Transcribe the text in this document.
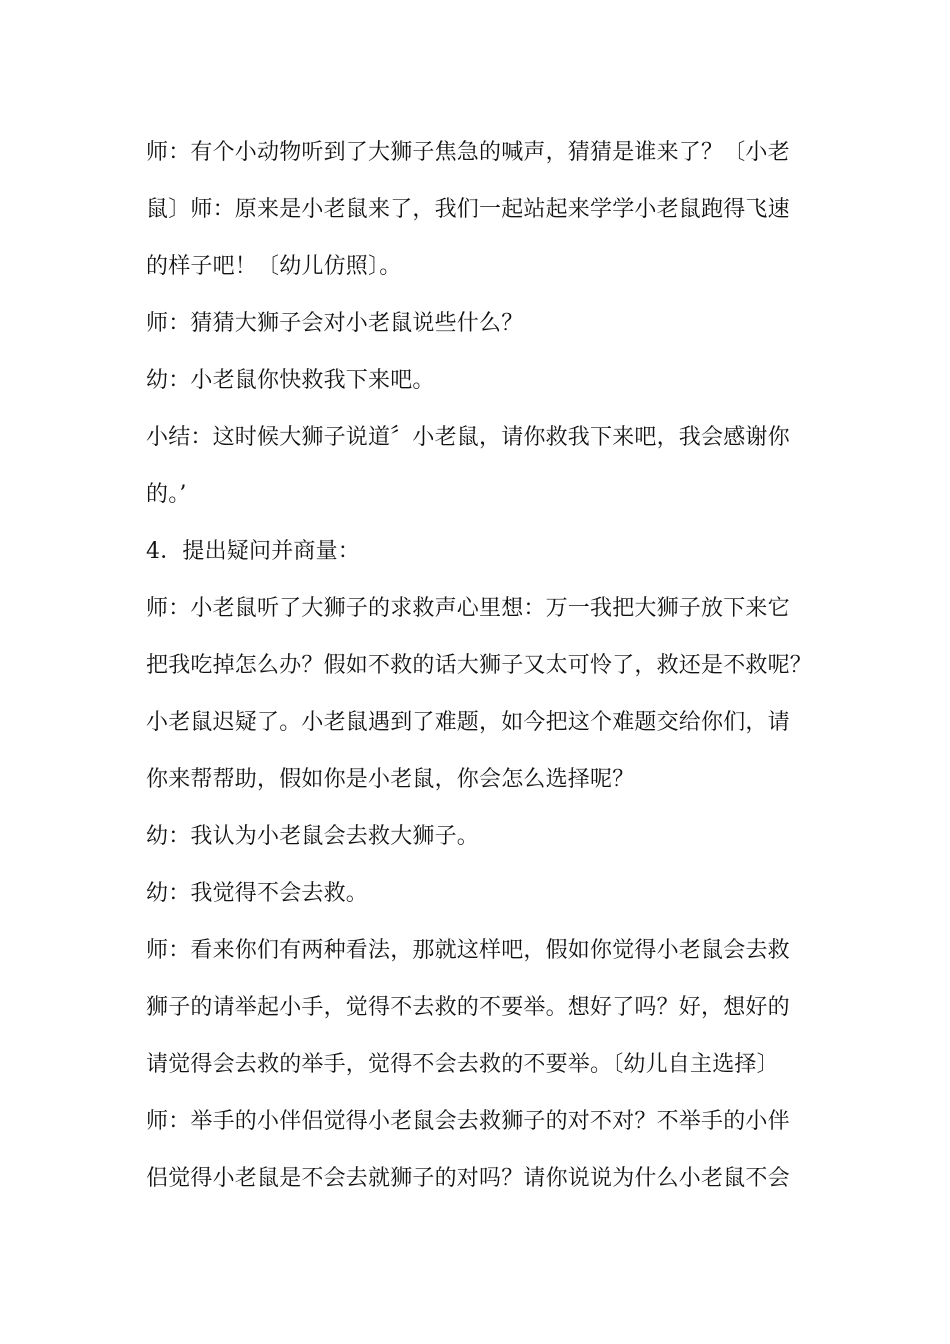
师：有个小动物听到了大狮子焦急的喊声，猜猜是谁来了？〔小老
鼠〕师：原来是小老鼠来了，我们一起站起来学学小老鼠跑得飞速
的样子吧！〔幼儿仿照〕。
师：猜猜大狮子会对小老鼠说些什么？
幼：小老鼠你快救我下来吧。
小结：这时候大狮子说道〞小老鼠，请你救我下来吧，我会感谢你
的。’
4．提出疑问并商量：
师：小老鼠听了大狮子的求救声心里想：万一我把大狮子放下来它
把我吃掉怎么办？假如不救的话大狮子又太可怜了，救还是不救呢？
小老鼠迟疑了。小老鼠遇到了难题，如今把这个难题交给你们，请
你来帮帮助，假如你是小老鼠，你会怎么选择呢？
幼：我认为小老鼠会去救大狮子。
幼：我觉得不会去救。
师：看来你们有两种看法，那就这样吧，假如你觉得小老鼠会去救
狮子的请举起小手，觉得不去救的不要举。想好了吗？好，想好的
请觉得会去救的举手，觉得不会去救的不要举。〔幼儿自主选择〕
师：举手的小伴侣觉得小老鼠会去救狮子的对不对？不举手的小伴
侣觉得小老鼠是不会去就狮子的对吗？请你说说为什么小老鼠不会
